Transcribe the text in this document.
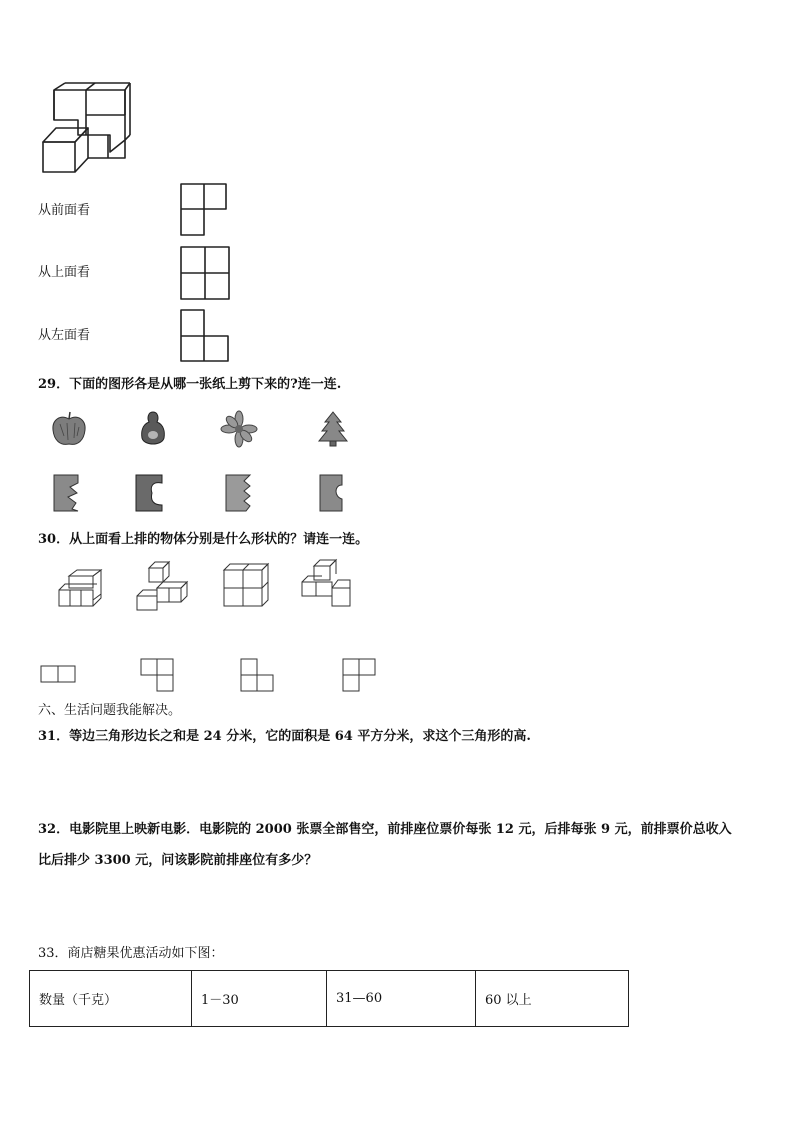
从前面看
从上面看
从左面看
29．下面的图形各是从哪一张纸上剪下来的?连一连.
30．从上面看上排的物体分别是什么形状的？请连一连。
六、生活问题我能解决。
31．等边三角形边长之和是 24 分米，它的面积是 64 平方分米，求这个三角形的高.
32．电影院里上映新电影．电影院的 2000 张票全部售空，前排座位票价每张 12 元，后排每张 9 元，前排票价总收入
比后排少 3300 元，问该影院前排座位有多少？
33．商店糖果优惠活动如下图：
数量（千克）	1－30	31—60	60 以上
